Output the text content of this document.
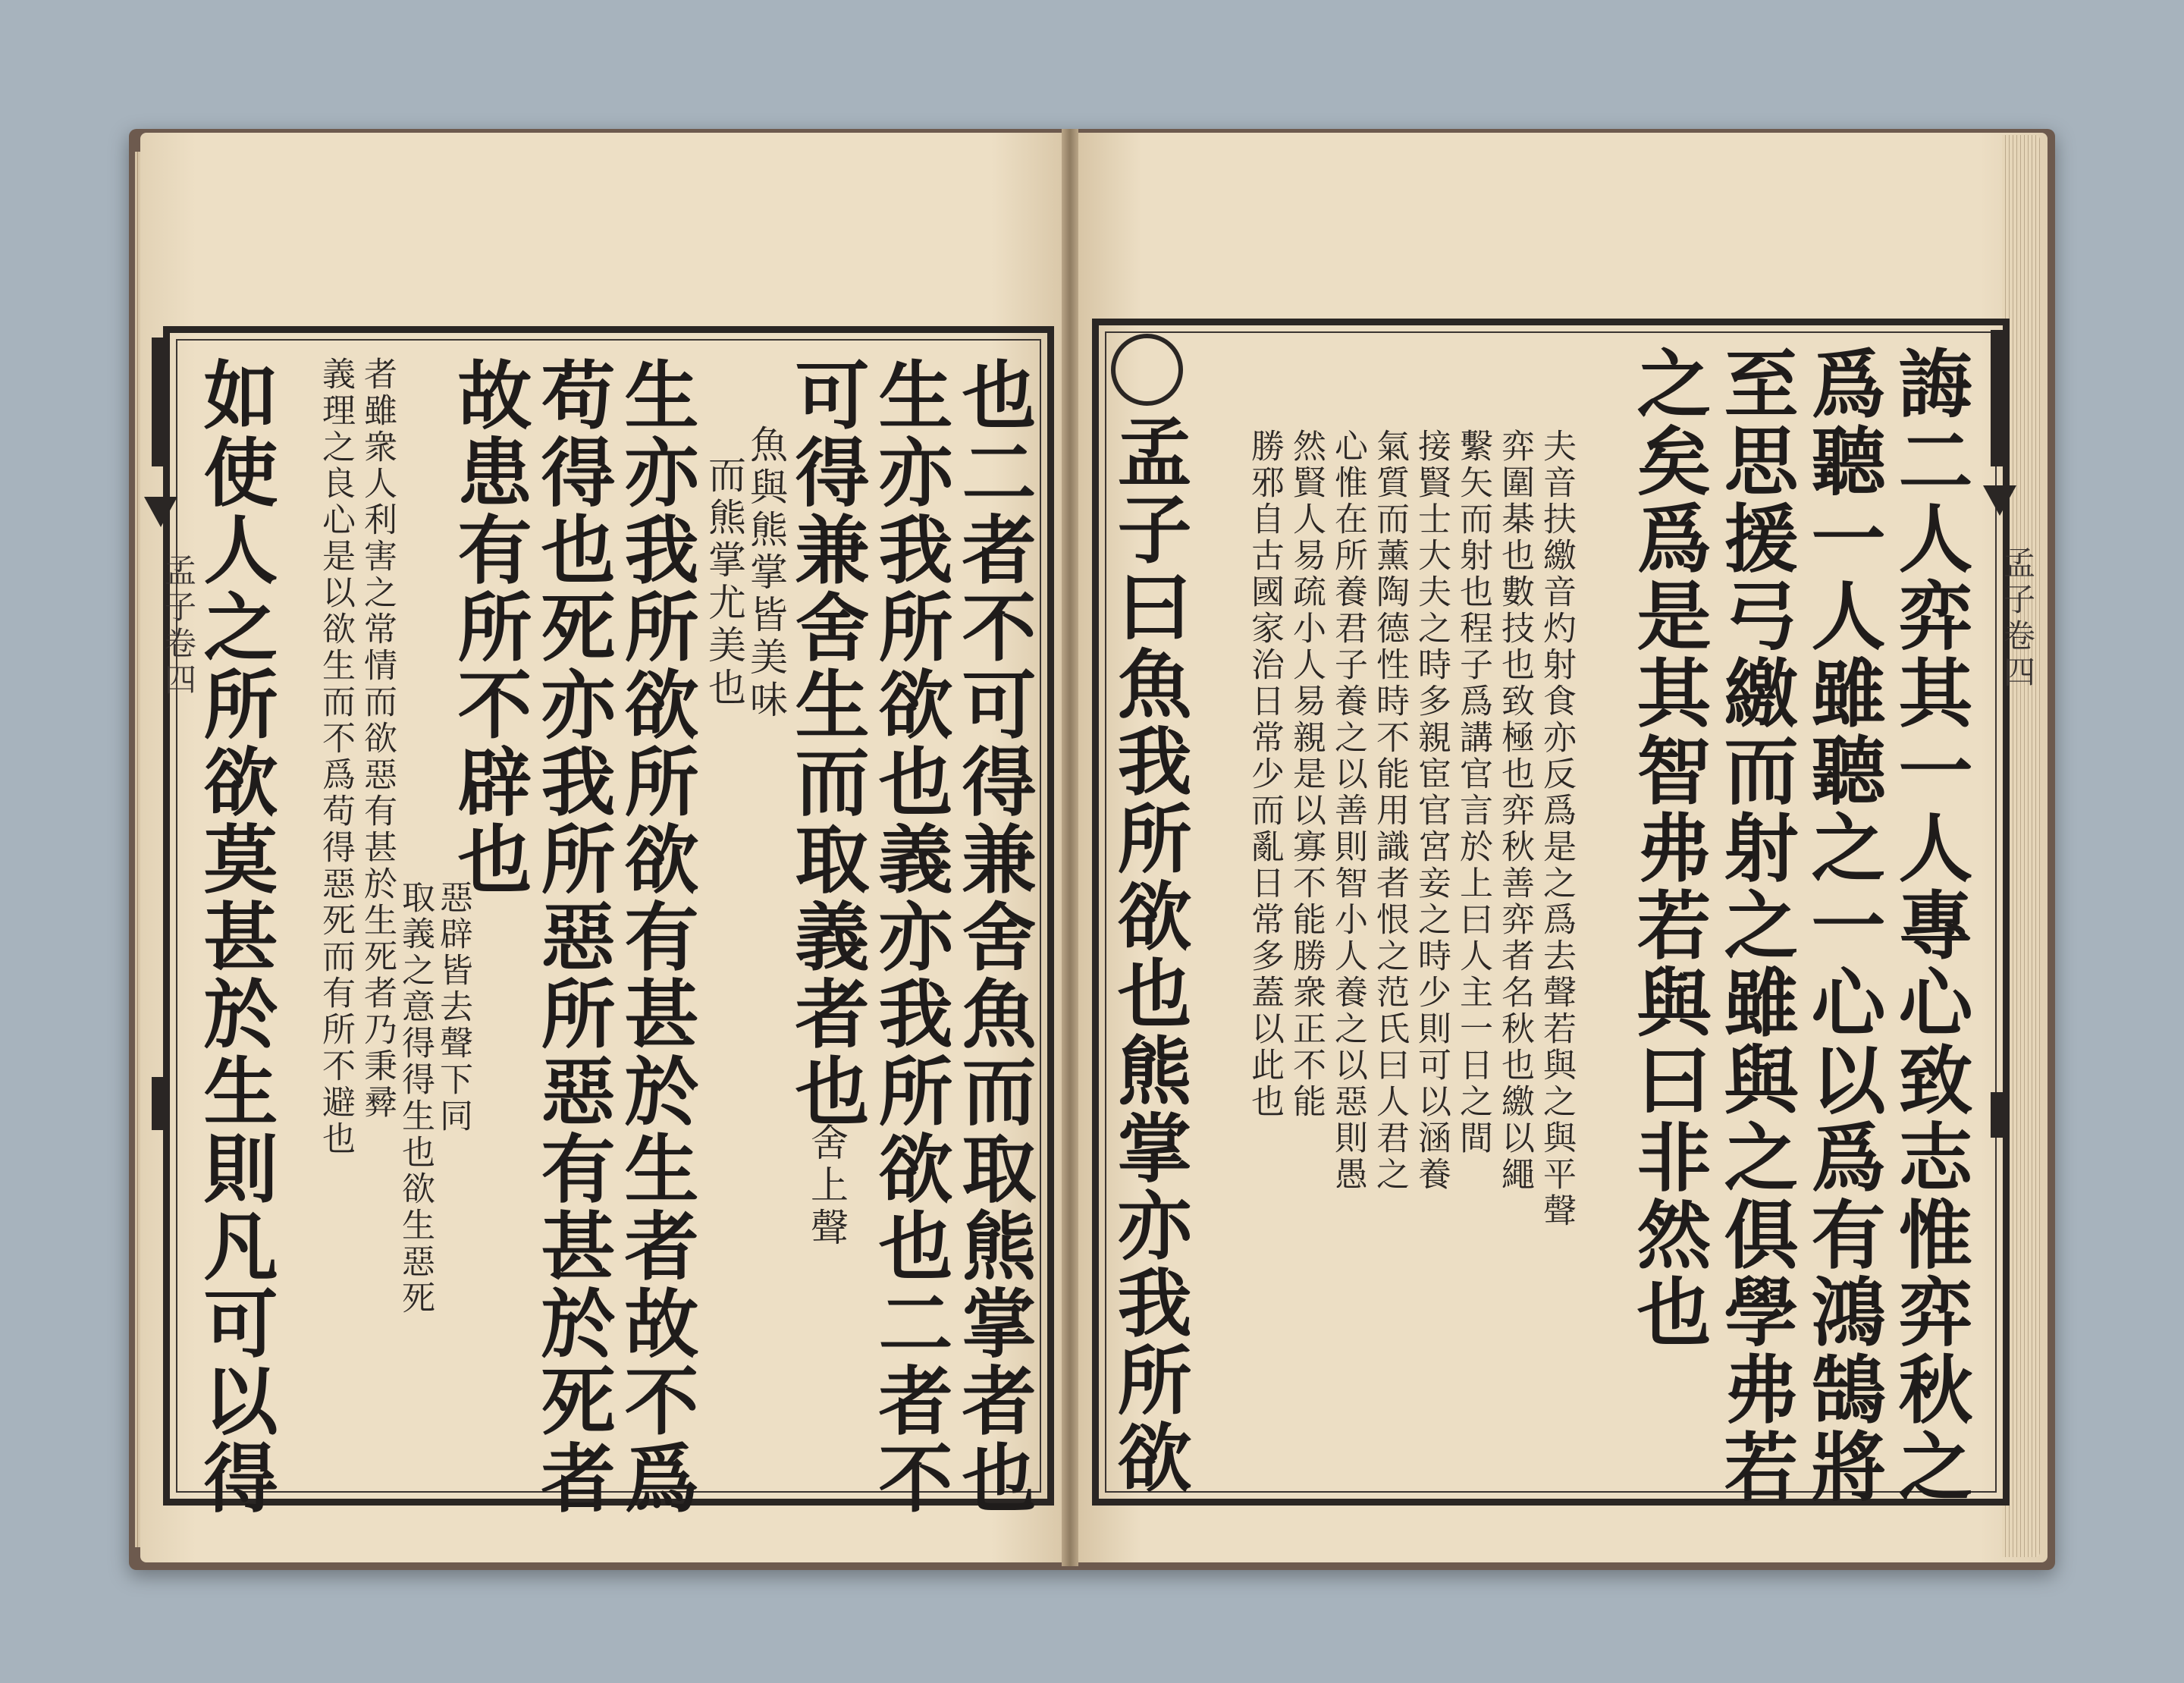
孟子卷四	也二者不可得兼舍魚而取熊掌者也
生亦我所欲也義亦我所欲也二者不
可得兼舍生而取義者也
魚與熊掌皆美味
而熊掌尤美也
舍上聲
生亦我所欲所欲有甚於生者故不爲
苟得也死亦我所惡所惡有甚於死者
故患有所不辟也
惡辟皆去聲下同
取義之意得得生也欲生惡死
者雖衆人利害之常情而欲惡有甚於生死者乃秉彛
義理之良心是以欲生而不爲苟得惡死而有所不避也
如使人之所欲莫甚於生則凡可以得	孟子卷四
誨二人弈其一人專心致志惟弈秋之
爲聽一人雖聽之一心以爲有鴻鵠將
至思援弓繳而射之雖與之俱學弗若
之矣爲是其智弗若與曰非然也
夫音扶繳音灼射食亦反爲是之爲去聲若與之與平聲
弈圍棊也數技也致極也弈秋善弈者名秋也繳以繩
繫矢而射也程子爲講官言於上曰人主一日之間
接賢士大夫之時多親宦官宮妾之時少則可以涵養
氣質而薰陶德性時不能用識者恨之范氏曰人君之
心惟在所養君子養之以善則智小人養之以惡則愚
然賢人易疏小人易親是以寡不能勝衆正不能
勝邪自古國家治日常少而亂日常多蓋以此也
孟子曰魚我所欲也熊掌亦我所欲
